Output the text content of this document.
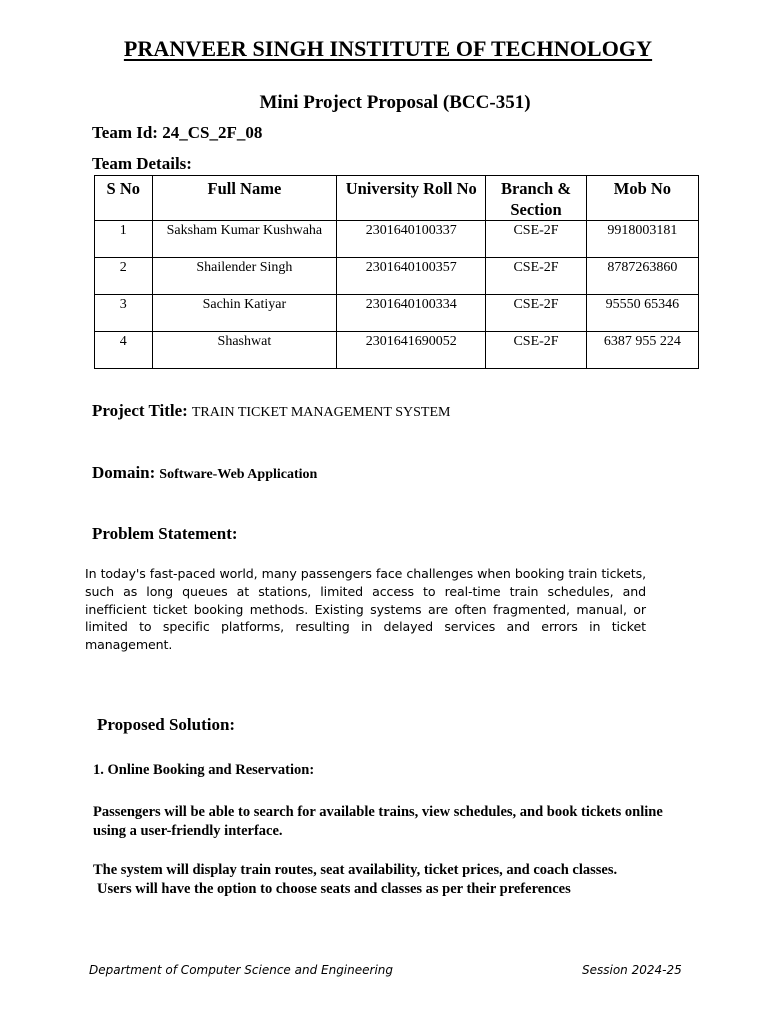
PRANVEER SINGH INSTITUTE OF TECHNOLOGY
Mini Project Proposal (BCC-351)
Team Id: 24_CS_2F_08
Team Details:
S No	Full Name	University Roll No	Branch & Section	Mob No
1	Saksham Kumar Kushwaha	2301640100337	CSE-2F	9918003181
2	Shailender Singh	2301640100357	CSE-2F	8787263860
3	Sachin Katiyar	2301640100334	CSE-2F	95550 65346
4	Shashwat	2301641690052	CSE-2F	6387 955 224
Project Title: TRAIN TICKET MANAGEMENT SYSTEM
Domain: Software-Web Application
Problem Statement:
In today's fast-paced world, many passengers face challenges when booking train tickets, such as long queues at stations, limited access to real-time train schedules, and inefficient ticket booking methods. Existing systems are often fragmented, manual, or limited to specific platforms, resulting in delayed services and errors in ticket management.
Proposed Solution:
1. Online Booking and Reservation:
Passengers will be able to search for available trains, view schedules, and book tickets online using a user-friendly interface.
The system will display train routes, seat availability, ticket prices, and coach classes.
Users will have the option to choose seats and classes as per their preferences
Department of Computer Science and Engineering	Session 2024-25
